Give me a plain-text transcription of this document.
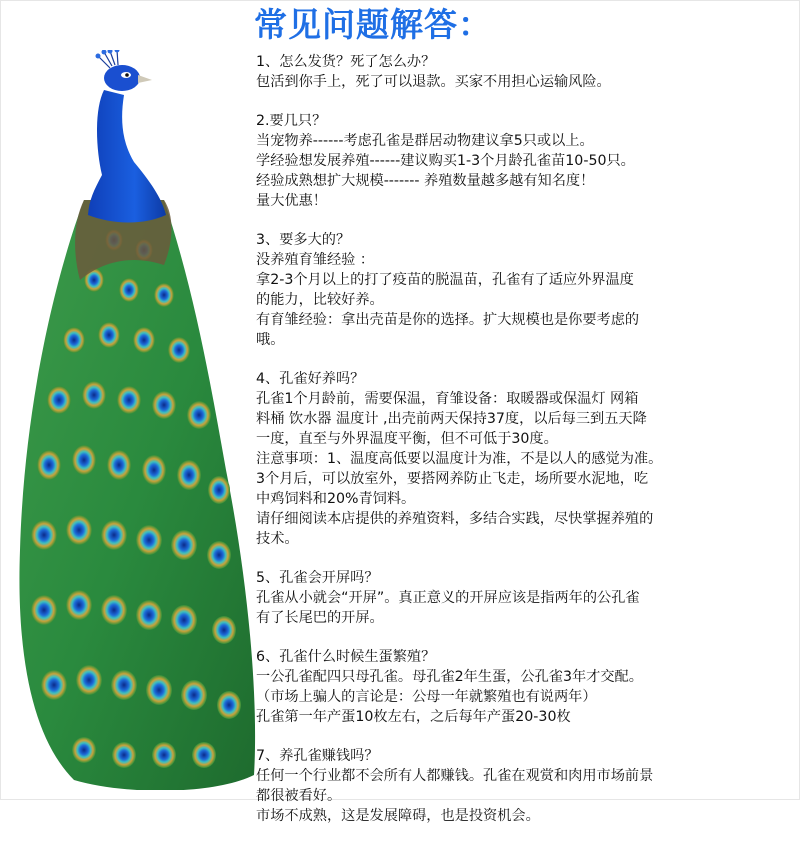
常见问题解答：
1、怎么发货？死了怎么办？
包活到你手上，死了可以退款。买家不用担心运输风险。
2.要几只？
当宠物养------考虑孔雀是群居动物建议拿5只或以上。
学经验想发展养殖------建议购买1-3个月龄孔雀苗10-50只。
经验成熟想扩大规模------- 养殖数量越多越有知名度！
量大优惠！
3、要多大的？
没养殖育雏经验 ：
拿2-3个月以上的打了疫苗的脱温苗，孔雀有了适应外界温度
的能力，比较好养。
有育雏经验：拿出壳苗是你的选择。扩大规模也是你要考虑的
哦。
4、孔雀好养吗？
孔雀1个月龄前，需要保温，育雏设备：取暖器或保温灯 网箱
料桶 饮水器 温度计 ,出壳前两天保持37度，以后每三到五天降
一度，直至与外界温度平衡，但不可低于30度。
注意事项：1、温度高低要以温度计为准，不是以人的感觉为准。
3个月后，可以放室外，要搭网养防止飞走，场所要水泥地，吃
中鸡饲料和20%青饲料。
请仔细阅读本店提供的养殖资料，多结合实践，尽快掌握养殖的
技术。
5、孔雀会开屏吗？
孔雀从小就会“开屏”。真正意义的开屏应该是指两年的公孔雀
有了长尾巴的开屏。
6、孔雀什么时候生蛋繁殖？
一公孔雀配四只母孔雀。母孔雀2年生蛋，公孔雀3年才交配。
（市场上骗人的言论是：公母一年就繁殖也有说两年）
孔雀第一年产蛋10枚左右，之后每年产蛋20-30枚
7、养孔雀赚钱吗？
任何一个行业都不会所有人都赚钱。孔雀在观赏和肉用市场前景
都很被看好。
市场不成熟，这是发展障碍，也是投资机会。
